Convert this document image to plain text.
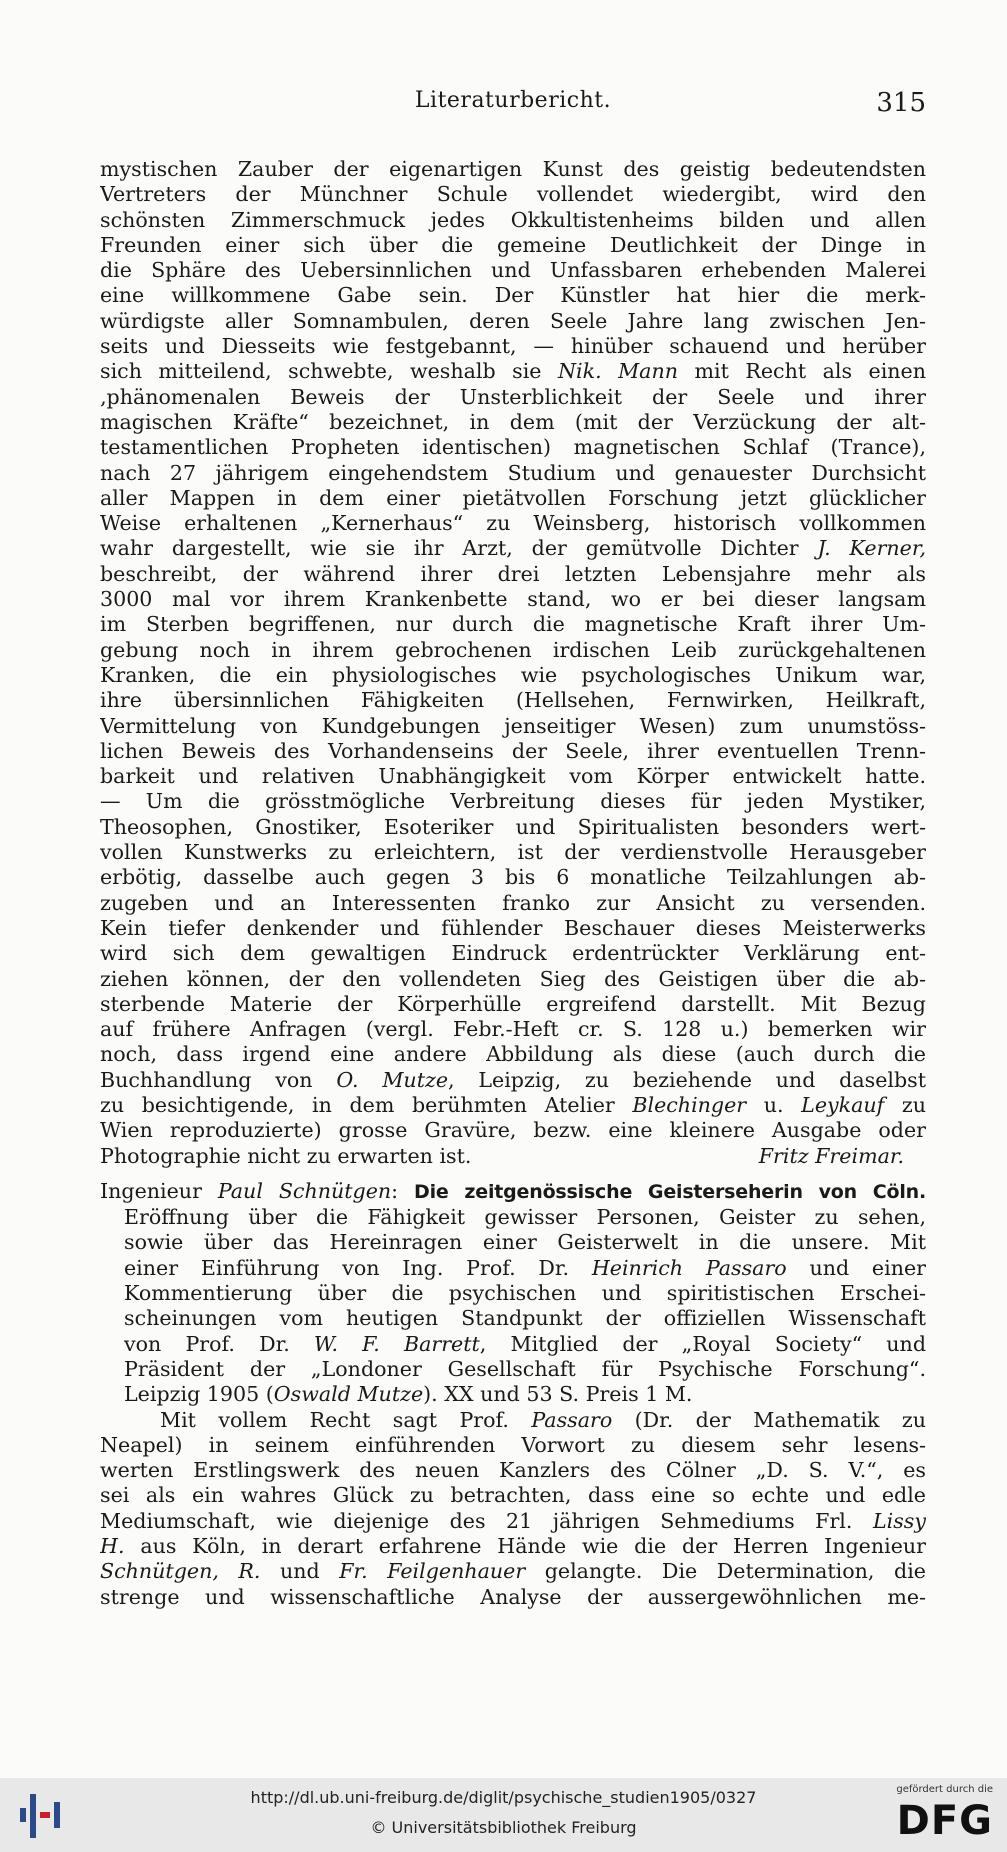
Literaturbericht.	315
mystischen Zauber der eigenartigen Kunst des geistig bedeutendsten
Vertreters der Münchner Schule vollendet wiedergibt, wird den
schönsten Zimmerschmuck jedes Okkultistenheims bilden und allen
Freunden einer sich über die gemeine Deutlichkeit der Dinge in
die Sphäre des Uebersinnlichen und Unfassbaren erhebenden Malerei
eine willkommene Gabe sein. Der Künstler hat hier die merk-
würdigste aller Somnambulen, deren Seele Jahre lang zwischen Jen-
seits und Diesseits wie festgebannt, — hinüber schauend und herüber
sich mitteilend, schwebte, weshalb sie Nik. Mann mit Recht als einen
‚phänomenalen Beweis der Unsterblichkeit der Seele und ihrer
magischen Kräfte“ bezeichnet, in dem (mit der Verzückung der alt-
testamentlichen Propheten identischen) magnetischen Schlaf (Trance),
nach 27 jährigem eingehendstem Studium und genauester Durchsicht
aller Mappen in dem einer pietätvollen Forschung jetzt glücklicher
Weise erhaltenen „Kernerhaus“ zu Weinsberg, historisch vollkommen
wahr dargestellt, wie sie ihr Arzt, der gemütvolle Dichter J. Kerner,
beschreibt, der während ihrer drei letzten Lebensjahre mehr als
3000 mal vor ihrem Krankenbette stand, wo er bei dieser langsam
im Sterben begriffenen, nur durch die magnetische Kraft ihrer Um-
gebung noch in ihrem gebrochenen irdischen Leib zurückgehaltenen
Kranken, die ein physiologisches wie psychologisches Unikum war,
ihre übersinnlichen Fähigkeiten (Hellsehen, Fernwirken, Heilkraft,
Vermittelung von Kundgebungen jenseitiger Wesen) zum unumstöss-
lichen Beweis des Vorhandenseins der Seele, ihrer eventuellen Trenn-
barkeit und relativen Unabhängigkeit vom Körper entwickelt hatte.
— Um die grösstmögliche Verbreitung dieses für jeden Mystiker,
Theosophen, Gnostiker, Esoteriker und Spiritualisten besonders wert-
vollen Kunstwerks zu erleichtern, ist der verdienstvolle Herausgeber
erbötig, dasselbe auch gegen 3 bis 6 monatliche Teilzahlungen ab-
zugeben und an Interessenten franko zur Ansicht zu versenden.
Kein tiefer denkender und fühlender Beschauer dieses Meisterwerks
wird sich dem gewaltigen Eindruck erdentrückter Verklärung ent-
ziehen können, der den vollendeten Sieg des Geistigen über die ab-
sterbende Materie der Körperhülle ergreifend darstellt. Mit Bezug
auf frühere Anfragen (vergl. Febr.-Heft cr. S. 128 u.) bemerken wir
noch, dass irgend eine andere Abbildung als diese (auch durch die
Buchhandlung von O. Mutze, Leipzig, zu beziehende und daselbst
zu besichtigende, in dem berühmten Atelier Blechinger u. Leykauf zu
Wien reproduzierte) grosse Gravüre, bezw. eine kleinere Ausgabe oder
Photographie nicht zu erwarten ist.	Fritz Freimar.
Ingenieur Paul Schnütgen: Die zeitgenössische Geisterseherin von Cöln.
Eröffnung über die Fähigkeit gewisser Personen, Geister zu sehen,
sowie über das Hereinragen einer Geisterwelt in die unsere. Mit
einer Einführung von Ing. Prof. Dr. Heinrich Passaro und einer
Kommentierung über die psychischen und spiritistischen Erschei-
scheinungen vom heutigen Standpunkt der offiziellen Wissenschaft
von Prof. Dr. W. F. Barrett, Mitglied der „Royal Society“ und
Präsident der „Londoner Gesellschaft für Psychische Forschung“.
Leipzig 1905 (Oswald Mutze). XX und 53 S. Preis 1 M.
Mit vollem Recht sagt Prof. Passaro (Dr. der Mathematik zu
Neapel) in seinem einführenden Vorwort zu diesem sehr lesens-
werten Erstlingswerk des neuen Kanzlers des Cölner „D. S. V.“, es
sei als ein wahres Glück zu betrachten, dass eine so echte und edle
Mediumschaft, wie diejenige des 21 jährigen Sehmediums Frl. Lissy
H. aus Köln, in derart erfahrene Hände wie die der Herren Ingenieur
Schnütgen, R. und Fr. Feilgenhauer gelangte. Die Determination, die
strenge und wissenschaftliche Analyse der aussergewöhnlichen me-
http://dl.ub.uni-freiburg.de/diglit/psychische_studien1905/0327
© Universitätsbibliothek Freiburg
gefördert durch die
DFG
